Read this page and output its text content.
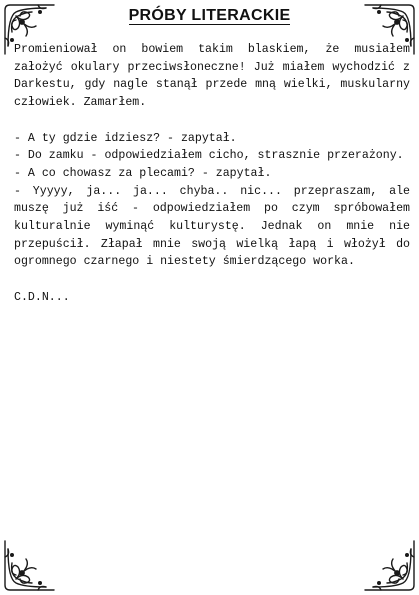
PRÓBY LITERACKIE

Promieniował on bowiem takim blaskiem, że musiałem założyć okulary przeciwsłoneczne! Już miałem wychodzić z Darkestu, gdy nagle stanął przede mną wielki, muskularny człowiek. Zamarłem.

- A ty gdzie idziesz? - zapytał.

- Do zamku - odpowiedziałem cicho, strasznie przerażony.

- A co chowasz za plecami? - zapytał.

- Yyyyy, ja... ja... chyba.. nic... przepraszam, ale muszę już iść - odpowiedziałem po czym spróbowałem kulturalnie wyminąć kulturystę. Jednak on mnie nie przepuścił. Złapał mnie swoją wielką łapą i włożył do ogromnego czarnego i niestety śmierdzącego worka.

C.D.N...
